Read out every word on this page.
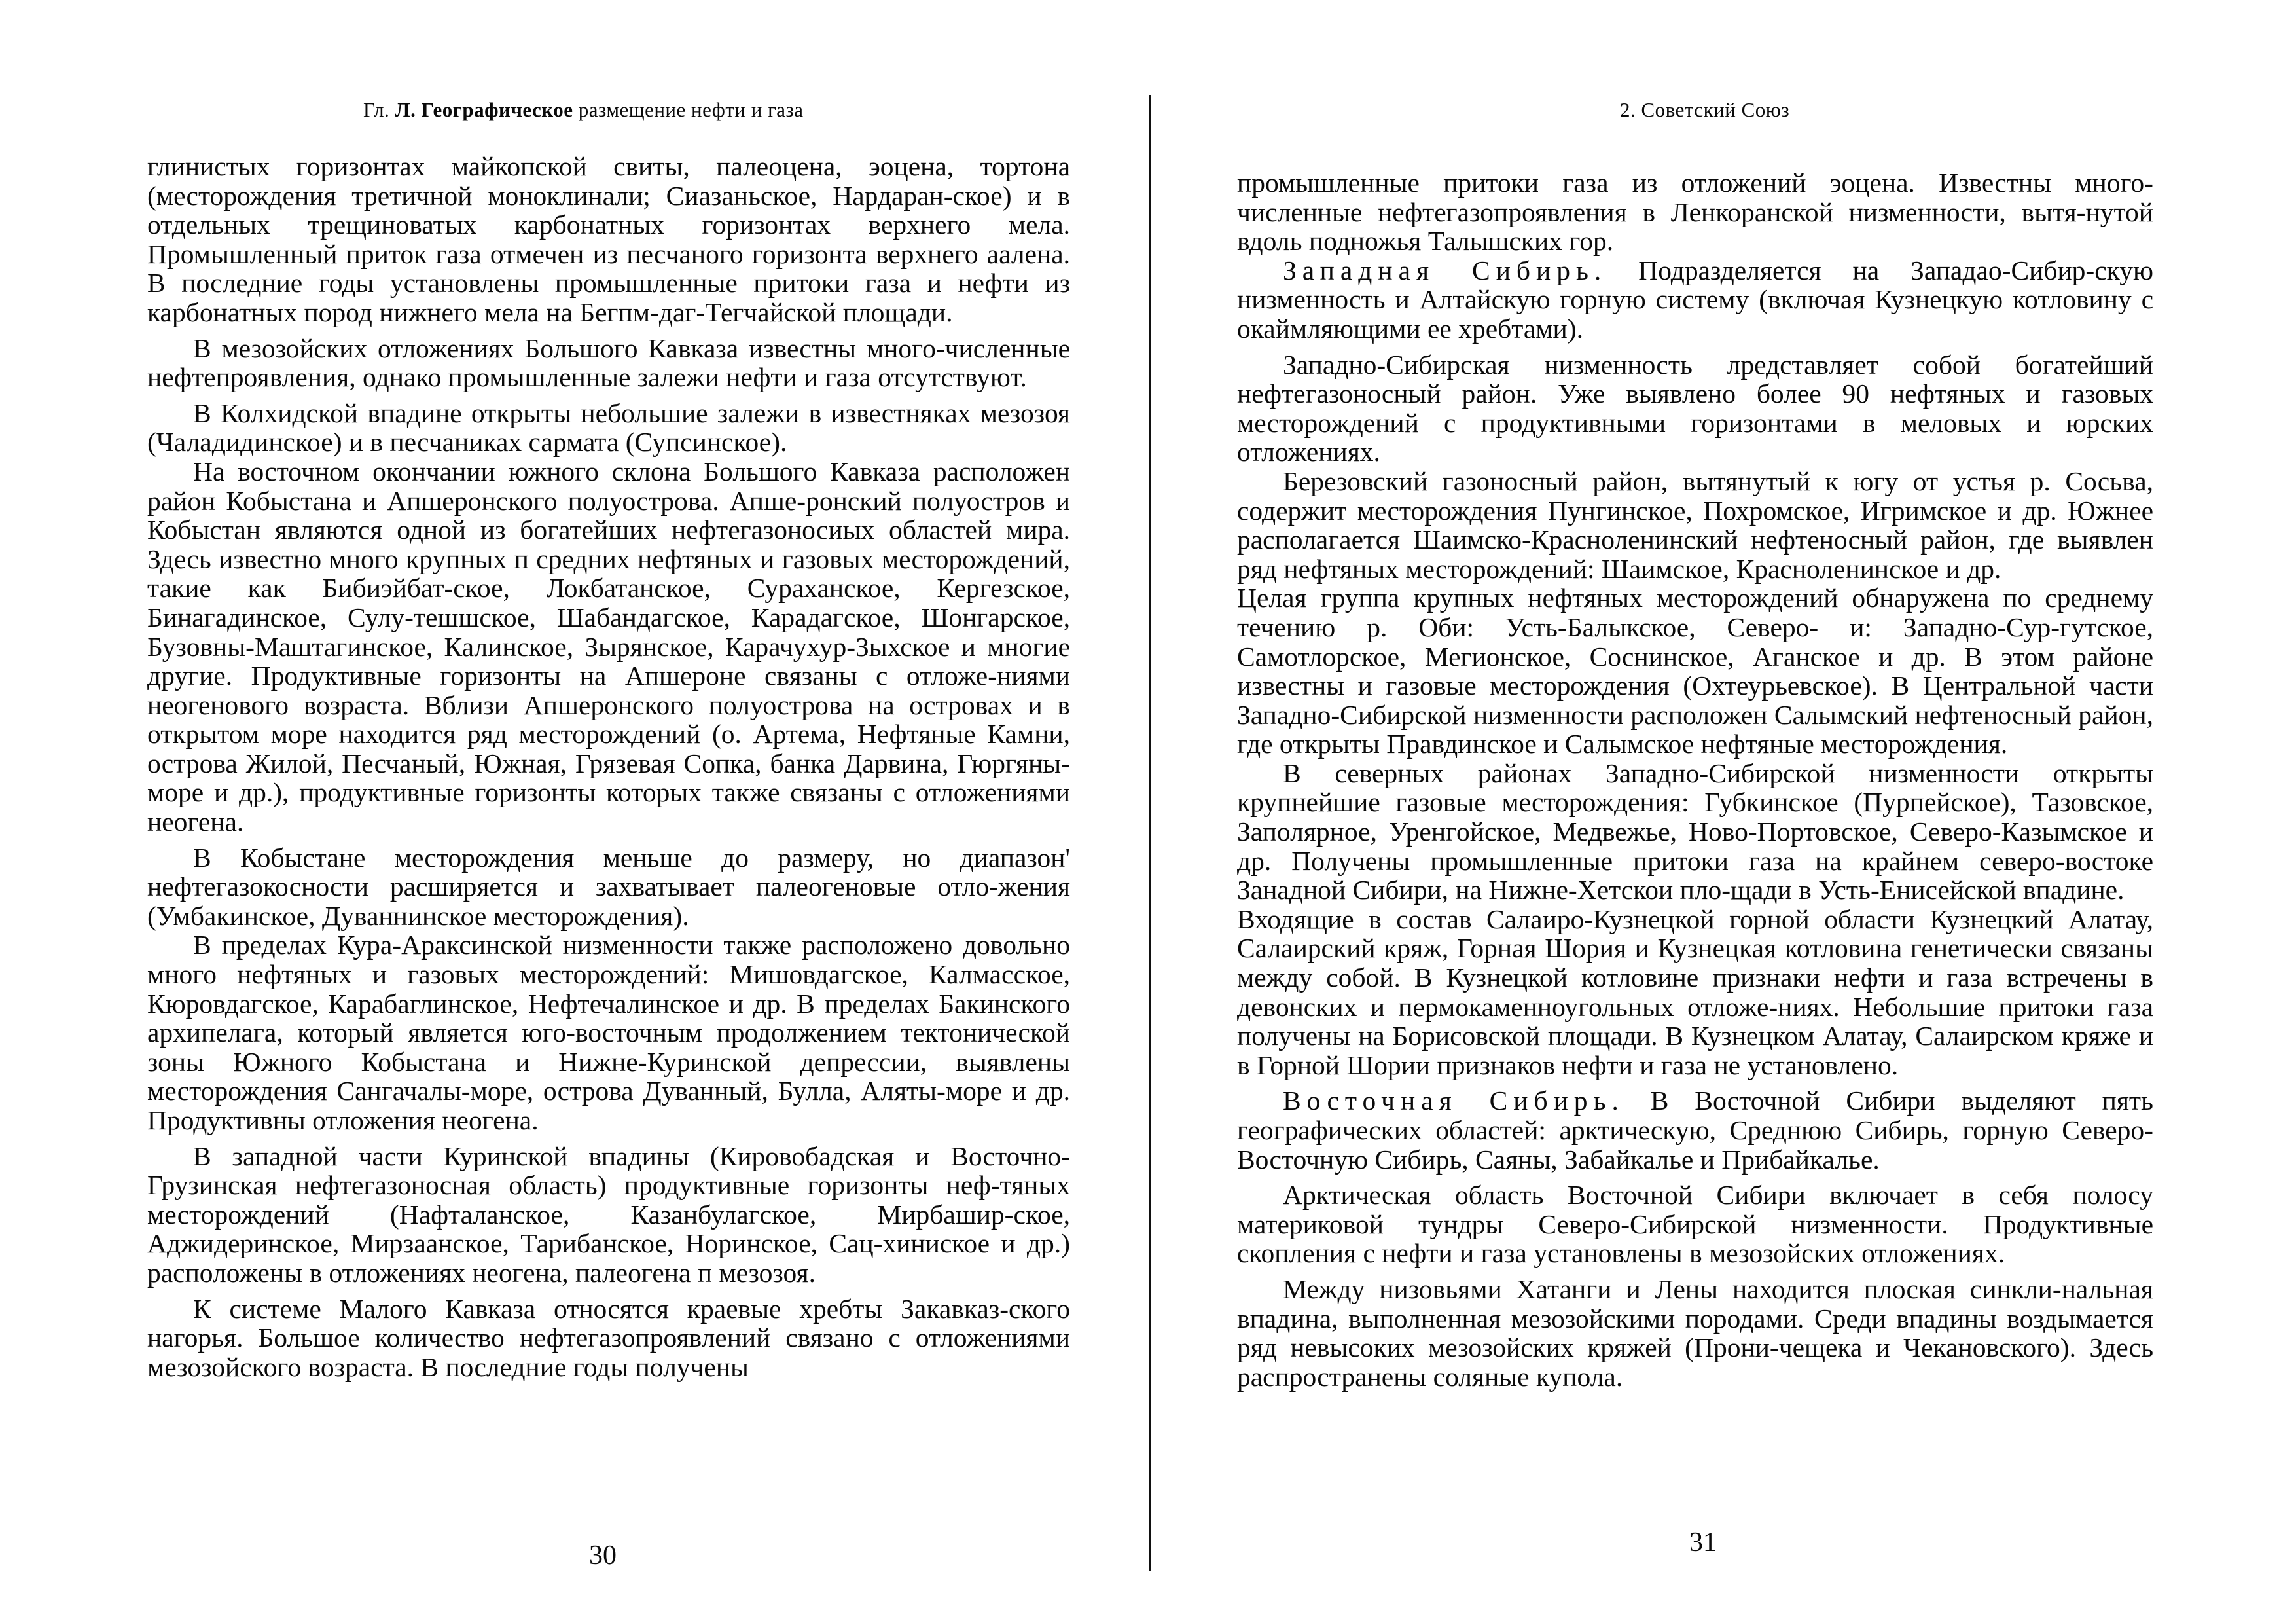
Гл. Л. Географическое размещение нефти и газа

глинистых горизонтах майкопской свиты, палеоцена, эоцена, тортона (месторождения третичной моноклинали; Сиазаньское, Нардаран-ское) и в отдельных трещиноватых карбонатных горизонтах верхнего мела. Промышленный приток газа отмечен из песчаного горизонта верхнего аалена. В последние годы установлены промышленные притоки газа и нефти из карбонатных пород нижнего мела на Бегпм-даг-Тегчайской площади.

В мезозойских отложениях Большого Кавказа известны много-численные нефтепроявления, однако промышленные залежи нефти и газа отсутствуют.

В Колхидской впадине открыты небольшие залежи в известняках мезозоя (Чаладидинское) и в песчаниках сармата (Супсинское).

На восточном окончании южного склона Большого Кавказа расположен район Кобыстана и Апшеронского полуострова. Апше-ронский полуостров и Кобыстан являются одной из богатейших нефтегазоносиых областей мира. Здесь известно много крупных п средних нефтяных и газовых месторождений, такие как Бибиэйбат-ское, Локбатанское, Сураханское, Кергезское, Бинагадинское, Сулу-тешшское, Шабандагское, Карадагское, Шонгарское, Бузовны-Маштагинское, Калинское, Зырянское, Карачухур-Зыхское и многие другие. Продуктивные горизонты на Апшероне связаны с отложе-ниями неогенового возраста. Вблизи Апшеронского полуострова на островах и в открытом море находится ряд месторождений (о. Артема, Нефтяные Камни, острова Жилой, Песчаный, Южная, Грязевая Сопка, банка Дарвина, Гюргяны-море и др.), продуктивные горизонты которых также связаны с отложениями неогена.

В Кобыстане месторождения меньше до размеру, но диапазон' нефтегазокосности расширяется и захватывает палеогеновые отло-жения (Умбакинское, Дуваннинское месторождения).

В пределах Кура-Араксинской низменности также расположено довольно много нефтяных и газовых месторождений: Мишовдагское, Калмасское, Кюровдагское, Карабаглинское, Нефтечалинское и др. В пределах Бакинского архипелага, который является юго-восточным продолжением тектонической зоны Южного Кобыстана и Нижне-Куринской депрессии, выявлены месторождения Сангачалы-море, острова Дуванный, Булла, Аляты-море и др. Продуктивны отложения неогена.

В западной части Куринской впадины (Кировобадская и Восточно-Грузинская нефтегазоносная область) продуктивные горизонты неф-тяных месторождений (Нафталанское, Казанбулагское, Мирбашир-ское, Аджидеринское, Мирзаанское, Тарибанское, Норинское, Сац-хиниское и др.) расположены в отложениях неогена, палеогена п мезозоя.

К системе Малого Кавказа относятся краевые хребты Закавказ-ского нагорья. Большое количество нефтегазопроявлений связано с отложениями мезозойского возраста. В последние годы получены

30
2. Советский Союз

промышленные притоки газа из отложений эоцена. Известны много-численные нефтегазопроявления в Ленкоранской низменности, вытя-нутой вдоль подножья Талышских гор.

Западная Сибирь. Подразделяется на Западао-Сибир-скую низменность и Алтайскую горную систему (включая Кузнецкую котловину с окаймляющими ее хребтами).

Западно-Сибирская низменность лредставляет собой богатейший нефтегазоносный район. Уже выявлено более 90 нефтяных и газовых месторождений с продуктивными горизонтами в меловых и юрских отложениях.

Березовский газоносный район, вытянутый к югу от устья р. Сосьва, содержит месторождения Пунгинское, Похромское, Игримское и др. Южнее располагается Шаимско-Красноленинский нефтеносный район, где выявлен ряд нефтяных месторождений: Шаимское, Красноленинское и др.

Целая группа крупных нефтяных месторождений обнаружена по среднему течению р. Оби: Усть-Балыкское, Северо- и: Западно-Сур-гутское, Самотлорское, Мегионское, Соснинское, Аганское и др. В этом районе известны и газовые месторождения (Охтеурьевское). В Центральной части Западно-Сибирской низменности расположен Салымский нефтеносный район, где открыты Правдинское и Салымское нефтяные месторождения.

В северных районах Западно-Сибирской низменности открыты крупнейшие газовые месторождения: Губкинское (Пурпейское), Тазовское, Заполярное, Уренгойское, Медвежье, Ново-Портовское, Северо-Казымское и др. Получены промышленные притоки газа на крайнем северо-востоке Занадной Сибири, на Нижне-Хетскои пло-щади в Усть-Енисейской впадине.

Входящие в состав Салаиро-Кузнецкой горной области Кузнецкий Алатау, Салаирский кряж, Горная Шория и Кузнецкая котловина генетически связаны между собой. В Кузнецкой котловине признаки нефти и газа встречены в девонских и пермокаменноугольных отложе-ниях. Небольшие притоки газа получены на Борисовской площади. В Кузнецком Алатау, Салаирском кряже и в Горной Шории признаков нефти и газа не установлено.

Восточная Сибирь. В Восточной Сибири выделяют пять географических областей: арктическую, Среднюю Сибирь, горную Северо-Восточную Сибирь, Саяны, Забайкалье и Прибайкалье.

Арктическая область Восточной Сибири включает в себя полосу материковой тундры Северо-Сибирской низменности. Продуктивные скопления с нефти и газа установлены в мезозойских отложениях.

Между низовьями Хатанги и Лены находится плоская синкли-нальная впадина, выполненная мезозойскими породами. Среди впадины воздымается ряд невысоких мезозойских кряжей (Прони-чещека и Чекановского). Здесь распространены соляные купола.

31
